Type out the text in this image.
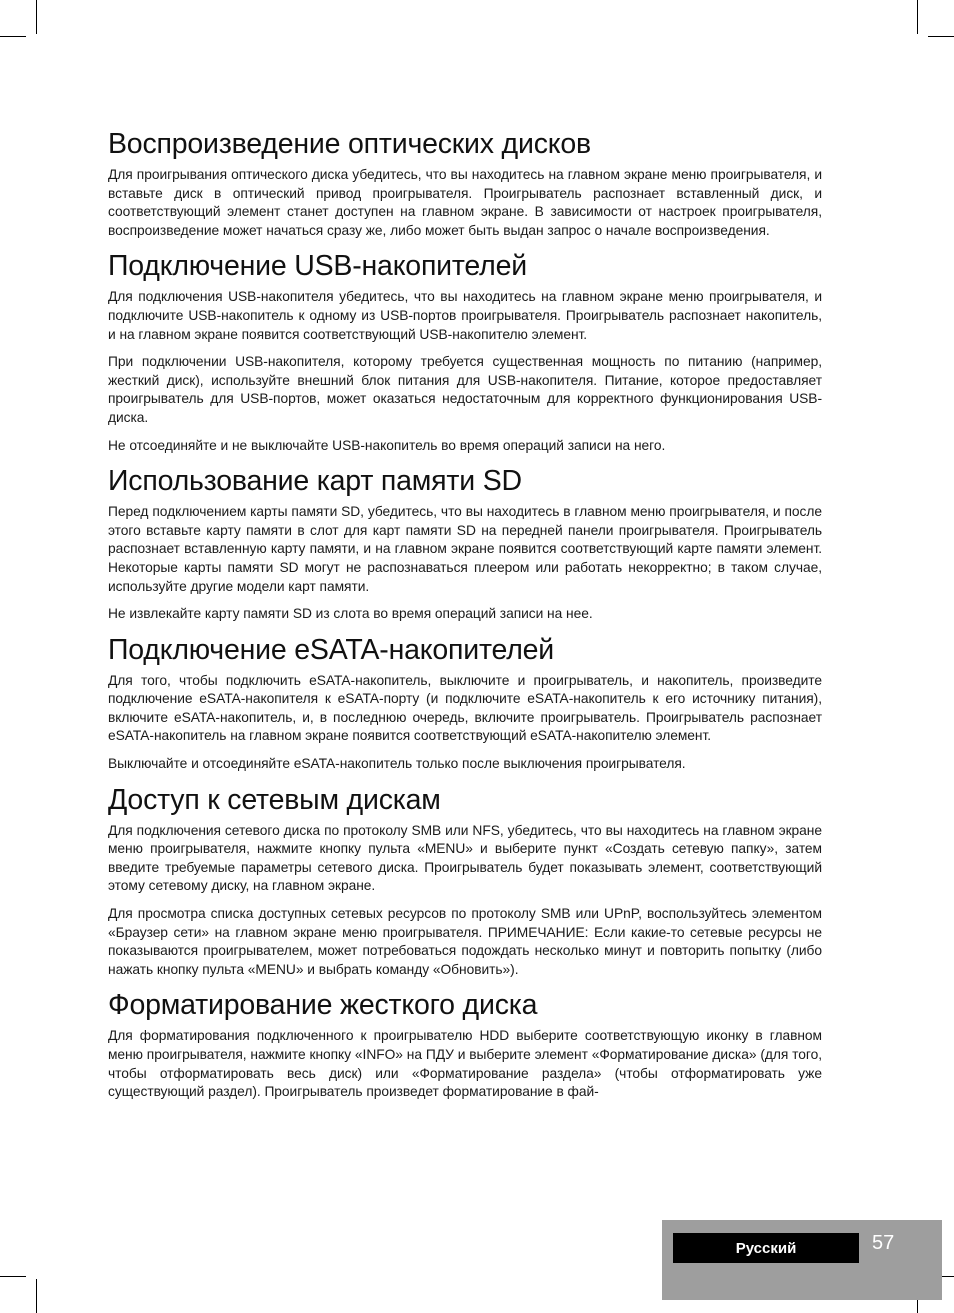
Воспроизведение оптических дисков

Для проигрывания оптического диска убедитесь, что вы находитесь на главном экране меню проигрывателя, и вставьте диск в оптический привод проигрывателя. Проигрыватель распознает вставленный диск, и соответствующий элемент станет доступен на главном экране. В зависимости от настроек проигрывателя, воспроизведение может начаться сразу же, либо может быть выдан запрос о начале воспроизведения.

Подключение USB-накопителей

Для подключения USB-накопителя убедитесь, что вы находитесь на главном экране меню проигрывателя, и подключите USB-накопитель к одному из USB-портов проигрывателя. Проигрыватель распознает накопитель, и на главном экране появится соответствующий USB-накопителю элемент.

При подключении USB-накопителя, которому требуется существенная мощность по питанию (например, жесткий диск), используйте внешний блок питания для USB-накопителя. Питание, которое предоставляет проигрыватель для USB-портов, может оказаться недостаточным для корректного функционирования USB-диска.

Не отсоединяйте и не выключайте USB-накопитель во время операций записи на него.

Использование карт памяти SD

Перед подключением карты памяти SD, убедитесь, что вы находитесь в главном меню проигрывателя, и после этого вставьте карту памяти в слот для карт памяти SD на передней панели проигрывателя. Проигрыватель распознает вставленную карту памяти, и на главном экране появится соответствующий карте памяти элемент. Некоторые карты памяти SD могут не распознаваться плеером или работать некорректно; в таком случае, используйте другие модели карт памяти.

Не извлекайте карту памяти SD из слота во время операций записи на нее.

Подключение eSATA-накопителей

Для того, чтобы подключить eSATA-накопитель, выключите и проигрыватель, и накопитель, произведите подключение eSATA-накопителя к eSATA-порту (и подключите eSATA-накопитель к его источнику питания), включите eSATA-накопитель, и, в последнюю очередь, включите проигрыватель. Проигрыватель распознает eSATA-накопитель на главном экране появится соответствующий eSATA-накопителю элемент.

Выключайте и отсоединяйте eSATA-накопитель только после выключения проигрывателя.

Доступ к сетевым дискам

Для подключения сетевого диска по протоколу SMB или NFS, убедитесь, что вы находитесь на главном экране меню проигрывателя, нажмите кнопку пульта «MENU» и выберите пункт «Создать сетевую папку», затем введите требуемые параметры сетевого диска. Проигрыватель будет показывать элемент, соответствующий этому сетевому диску, на главном экране.

Для просмотра списка доступных сетевых ресурсов по протоколу SMB или UPnP, воспользуйтесь элементом «Браузер сети» на главном экране меню проигрывателя. ПРИМЕЧАНИЕ: Если какие-то сетевые ресурсы не показываются проигрывателем, может потребоваться подождать несколько минут и повторить попытку (либо нажать кнопку пульта «MENU» и выбрать команду «Обновить»).

Форматирование жесткого диска

Для форматирования подключенного к проигрывателю HDD выберите соответствующую иконку в главном меню проигрывателя, нажмите кнопку «INFO» на ПДУ и выберите элемент «Форматирование диска» (для того, чтобы отформатировать весь диск) или «Форматирование раздела» (чтобы отформатировать уже существующий раздел). Проигрыватель произведет форматирование в фай-

Русский	57
